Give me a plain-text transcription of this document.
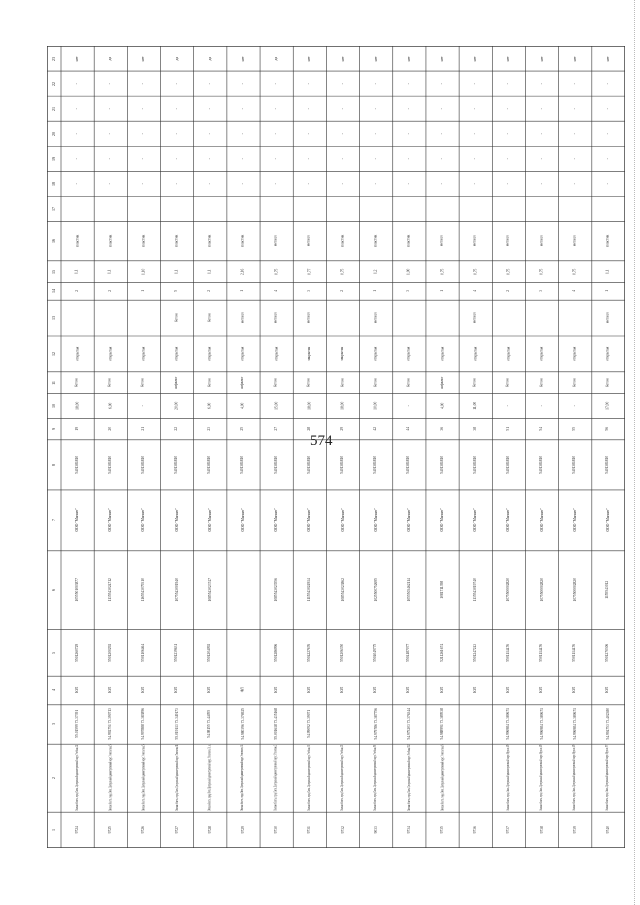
574
1
2
3
4
5
6
7
8
9
10
11
12
13
14
15
16
17
18
19
20
21
22
23
9724
Омская область, город Омск, Центральный административный округ, Учебная, 24
55.01599 73.37391
ЮЛ
5501260729
1055501003877
ООО "Магнит"
5401381810
19
18,00
бетон
открытая
2
1,1
пластик
-
-
-
-
-
нет
9725
Омская область, город Омск, Центральный административный округ, Учительская, 5
54.992751 73.390713
ЮЛ
5501200292
1135543024712
ООО "Магнит"
5401381810
20
6,00
бетон
открытая
2
1,1
пластик
-
-
-
-
-
да
9726
Омская область, город Омск, Центральный административный округ, Учительская, 5
54.997888 73.383896
ЮЛ
5501106464
1165543079310
ООО "Магнит"
5401381810
21
-
бетон
открытая
1
1,10
пластик
-
-
-
-
-
нет
9727
Омская область, город Омск, Центральный административный округ, Тюленева, 11
55.019113 73.349173
ЮЛ
5501239631
1075543001940
ООО "Магнит"
5401381810
22
20,00
асфальт
открытая
бетон
5
1,1
пластик
-
-
-
-
-
да
9728
Омская область, город Омск, Центральный административный округ, Успенского, 31, к.
54.98155 73.44055
ЮЛ
5501204092
1085543023747
ООО "Магнит"
5401381810
23
6,00
бетон
открытая
бетон
2
1,1
пластик
-
-
-
-
-
да
9729
Омская область, город Омск, Центральный административный округ, Успенского, 14
54.980396 73.376925
ФЛ
ООО "Магнит"
5401381810
25
4,00
асфальт
открытая
металл
1
2,16
пластик
-
-
-
-
-
нет
9730
Омская область, город Омск, Центральный административный округ, Успенская, 2
55.001618 73.435168
ЮЛ
5501286996
1085543023556
ООО "Магнит"
5401381810
27
15,00
бетон
открытая
металл
4
0,75
металл
-
-
-
-
-
да
9731
Омская область, город Омск, Центральный административный округ, Учебная, 30
54.99092 73.39071
ЮЛ
5504227676
1115543024914
ООО "Магнит"
5401381810
28
18,00
бетон
закрытая
металл
3
0,77
металл
-
-
-
-
-
нет
9732
Омская область, город Омск, Центральный административный округ, Учебная, 20
ЮЛ
5501206350
1085543023862
ООО "Магнит"
5401381810
29
18,00
бетон
закрытая
2
0,75
пластик
-
-
-
-
-
нет
9033
Омская область, город Омск, Центральный административный округ, Учебная, 90
54.979786 73.387756
ЮЛ
5504049775
1025500752695
ООО "Магнит"
5401381810
42
10,00
бетон
открытая
металл
1
1,2
пластик
-
-
-
-
-
нет
9734
Омская область, город Омск, Центральный административный округ, Учебная, 152
54.975203 73.376344
ЮЛ
5504187077
1055503462114
ООО "Магнит"
5401381810
44
-
бетон
открытая
3
1,00
пластик
-
-
-
-
-
нет
9735
Омская область, город Омск, Центральный административный округ, Учительская, 6
54.988991 73.389538
ЮЛ
5211261674
1081711398
ООО "Магнит"
5401381810
36
4,00
асфальт
открытая
1
0,75
металл
-
-
-
-
-
нет
9736
ЮЛ
5501247243
1135543019740
ООО "Магнит"
5401381810
38
11,00
бетон
открытая
металл
4
0,75
металл
-
-
-
-
-
нет
9737
Омская область, город Омск, Центральный административный округ, Фрунзе, 49
54.996984 73.380671
ЮЛ
5501114476
1075500002820
ООО "Магнит"
5401381810
51
-
бетон
открытая
2
0,75
металл
-
-
-
-
-
нет
9738
Омская область, город Омск, Центральный административный округ, Фрунзе, 49
54.996984 73.380671
ЮЛ
5501114476
1075500002820
ООО "Магнит"
5401381810
54
-
бетон
открытая
3
0,75
металл
-
-
-
-
-
нет
9739
Омская область, город Омск, Центральный административный округ, Фрунзе, 49
54.996984 73.380671
ЮЛ
5501114476
1075500002820
ООО "Магнит"
5401381810
55
-
бетон
открытая
4
0,75
металл
-
-
-
-
-
нет
9740
Омская область, город Омск, Центральный административный округ, Фрунзе, 97
54.994753 73.402380
ЮЛ
5501270306
1155543012
ООО "Магнит"
5401381810
56
17,00
бетон
открытая
металл
1
1,1
пластик
-
-
-
-
-
нет
